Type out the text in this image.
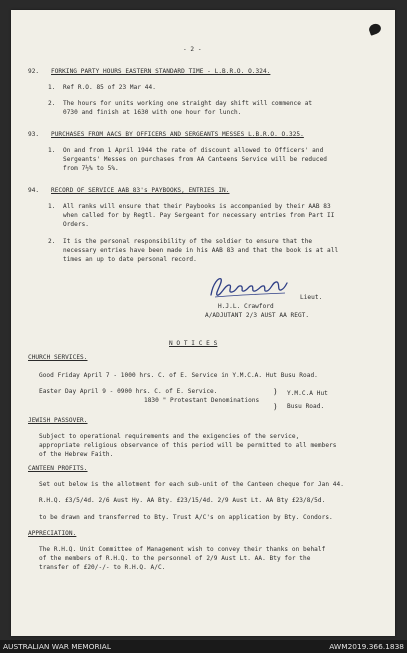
- 2 -
92. FORKING PARTY HOURS EASTERN STANDARD TIME - L.B.R.O. O.324.
1. Ref R.O. 85 of 23 Mar 44.
2. The hours for units working one straight day shift will commence at
0730 and finish at 1630 with one hour for lunch.
93. PURCHASES FROM AACS BY OFFICERS AND SERGEANTS MESSES L.B.R.O. O.325.
1. On and from 1 April 1944 the rate of discount allowed to Officers' and
Sergeants' Messes on purchases from AA Canteens Service will be reduced
from 7½% to 5%.
94. RECORD OF SERVICE AAB 83's PAYBOOKS, ENTRIES IN.
1. All ranks will ensure that their Paybooks is accompanied by their AAB 83
when called for by Regtl. Pay Sergeant for necessary entries from Part II
Orders.
2. It is the personal responsibility of the soldier to ensure that the
necessary entries have been made in his AAB 83 and that the book is at all
times an up to date personal record.
Lieut.
H.J.L. Crawford
A/ADJUTANT 2/3 AUST AA REGT.
N O T I C E S
CHURCH SERVICES.
Good Friday April 7 - 1000 hrs. C. of E. Service in Y.M.C.A. Hut Busu Road.
Easter Day April 9 - 0900 hrs. C. of E. Service.
1830 " Protestant Denominations
Y.M.C.A Hut
Busu Road.
)
)
JEWISH PASSOVER.
Subject to operational requirements and the exigencies of the service,
appropriate religious observance of this period will be permitted to all members
of the Hebrew Faith.
CANTEEN PROFITS.
Set out below is the allotment for each sub-unit of the Canteen cheque for Jan 44.
R.H.Q. £3/5/4d. 2/6 Aust Hy. AA Bty. £23/15/4d. 2/9 Aust Lt. AA Bty £23/8/5d.
to be drawn and transferred to Bty. Trust A/C's on application by Bty. Condors.
APPRECIATION.
The R.H.Q. Unit Committee of Management wish to convey their thanks on behalf
of the members of R.H.Q. to the personnel of 2/9 Aust Lt. AA. Bty for the
transfer of £20/-/- to R.H.Q. A/C.
AUSTRALIAN WAR MEMORIAL	AWM2019.366.1838
